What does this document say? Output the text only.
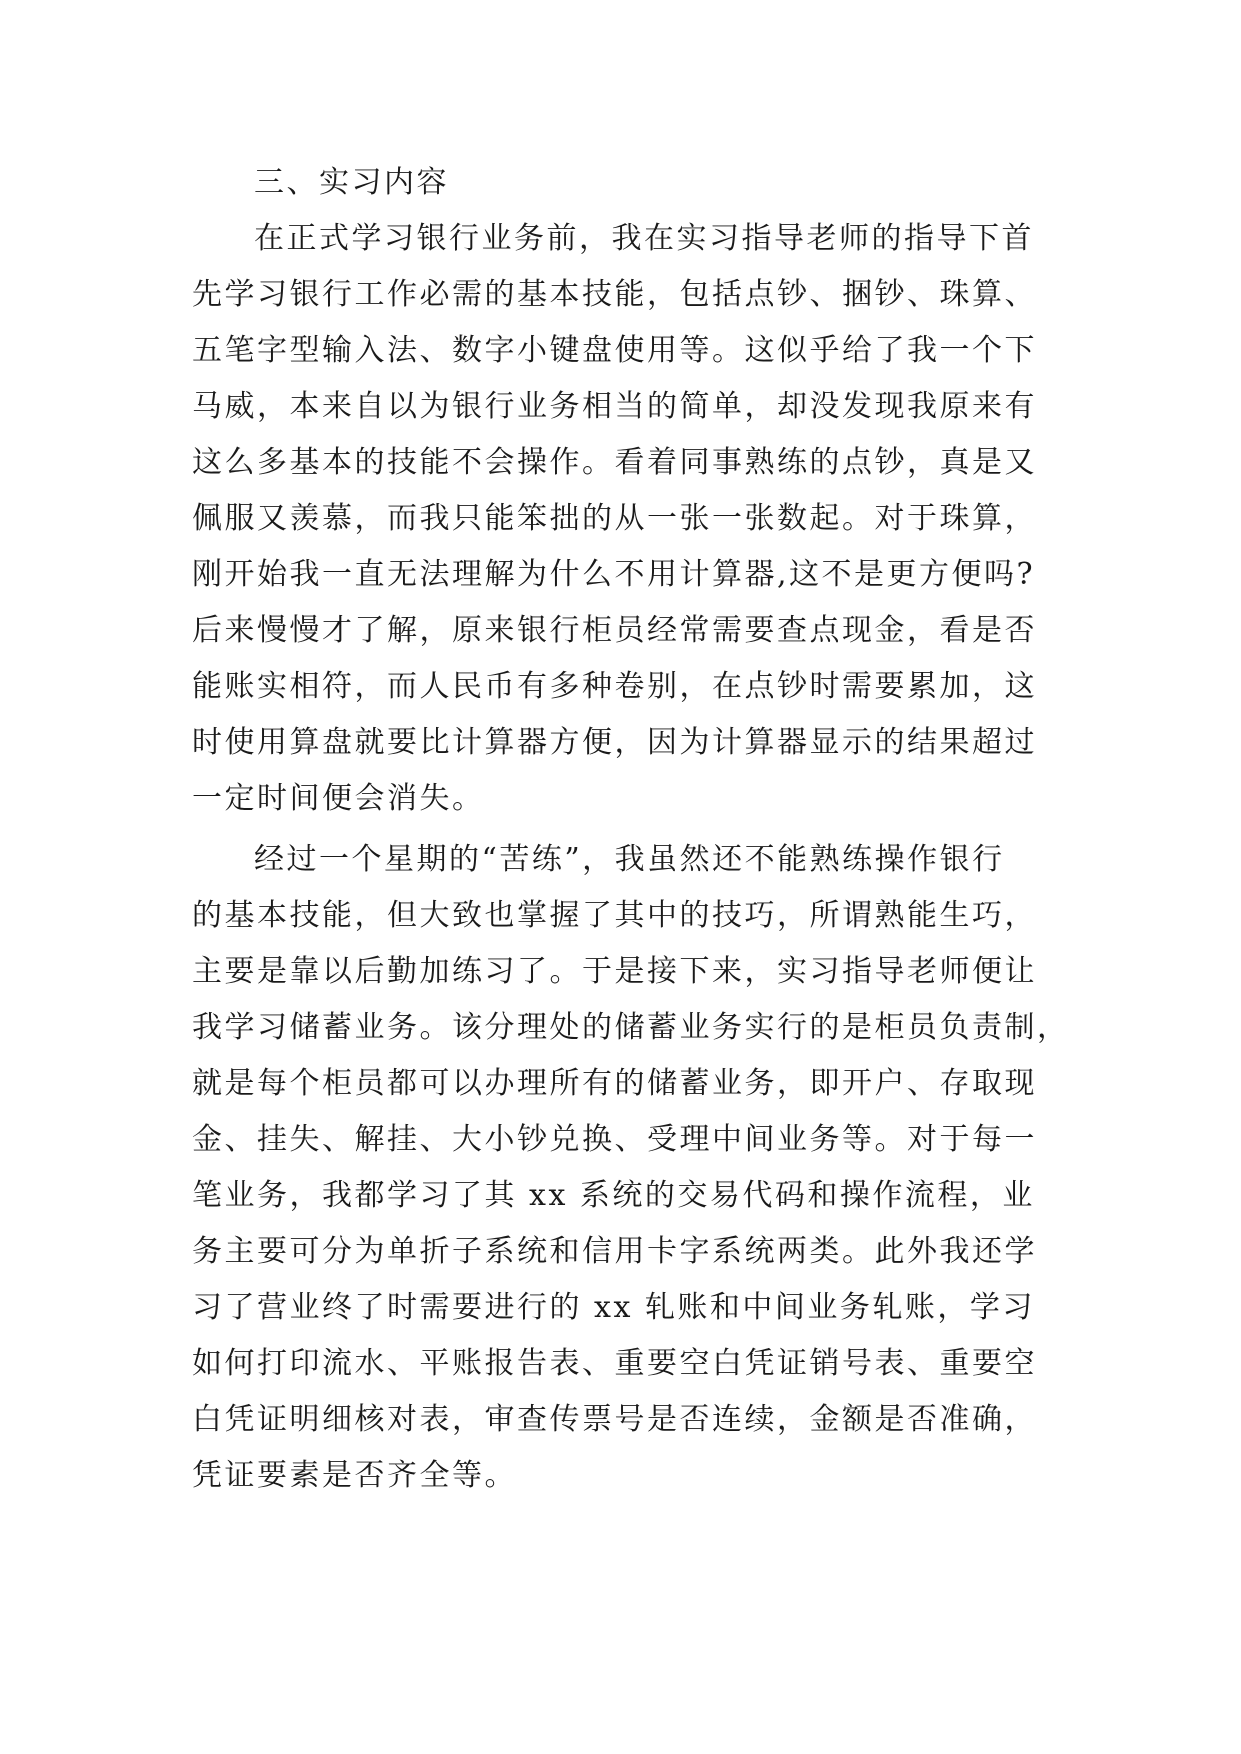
三、实习内容
在正式学习银行业务前，我在实习指导老师的指导下首
先学习银行工作必需的基本技能，包括点钞、捆钞、珠算、
五笔字型输入法、数字小键盘使用等。这似乎给了我一个下
马威，本来自以为银行业务相当的简单，却没发现我原来有
这么多基本的技能不会操作。看着同事熟练的点钞，真是又
佩服又羡慕，而我只能笨拙的从一张一张数起。对于珠算，
刚开始我一直无法理解为什么不用计算器,这不是更方便吗?
后来慢慢才了解，原来银行柜员经常需要查点现金，看是否
能账实相符，而人民币有多种卷别，在点钞时需要累加，这
时使用算盘就要比计算器方便，因为计算器显示的结果超过
一定时间便会消失。
经过一个星期的“苦练”，我虽然还不能熟练操作银行
的基本技能，但大致也掌握了其中的技巧，所谓熟能生巧，
主要是靠以后勤加练习了。于是接下来，实习指导老师便让
我学习储蓄业务。该分理处的储蓄业务实行的是柜员负责制，
就是每个柜员都可以办理所有的储蓄业务，即开户、存取现
金、挂失、解挂、大小钞兑换、受理中间业务等。对于每一
笔业务，我都学习了其 xx 系统的交易代码和操作流程，业
务主要可分为单折子系统和信用卡字系统两类。此外我还学
习了营业终了时需要进行的 xx 轧账和中间业务轧账，学习
如何打印流水、平账报告表、重要空白凭证销号表、重要空
白凭证明细核对表，审查传票号是否连续，金额是否准确，
凭证要素是否齐全等。
